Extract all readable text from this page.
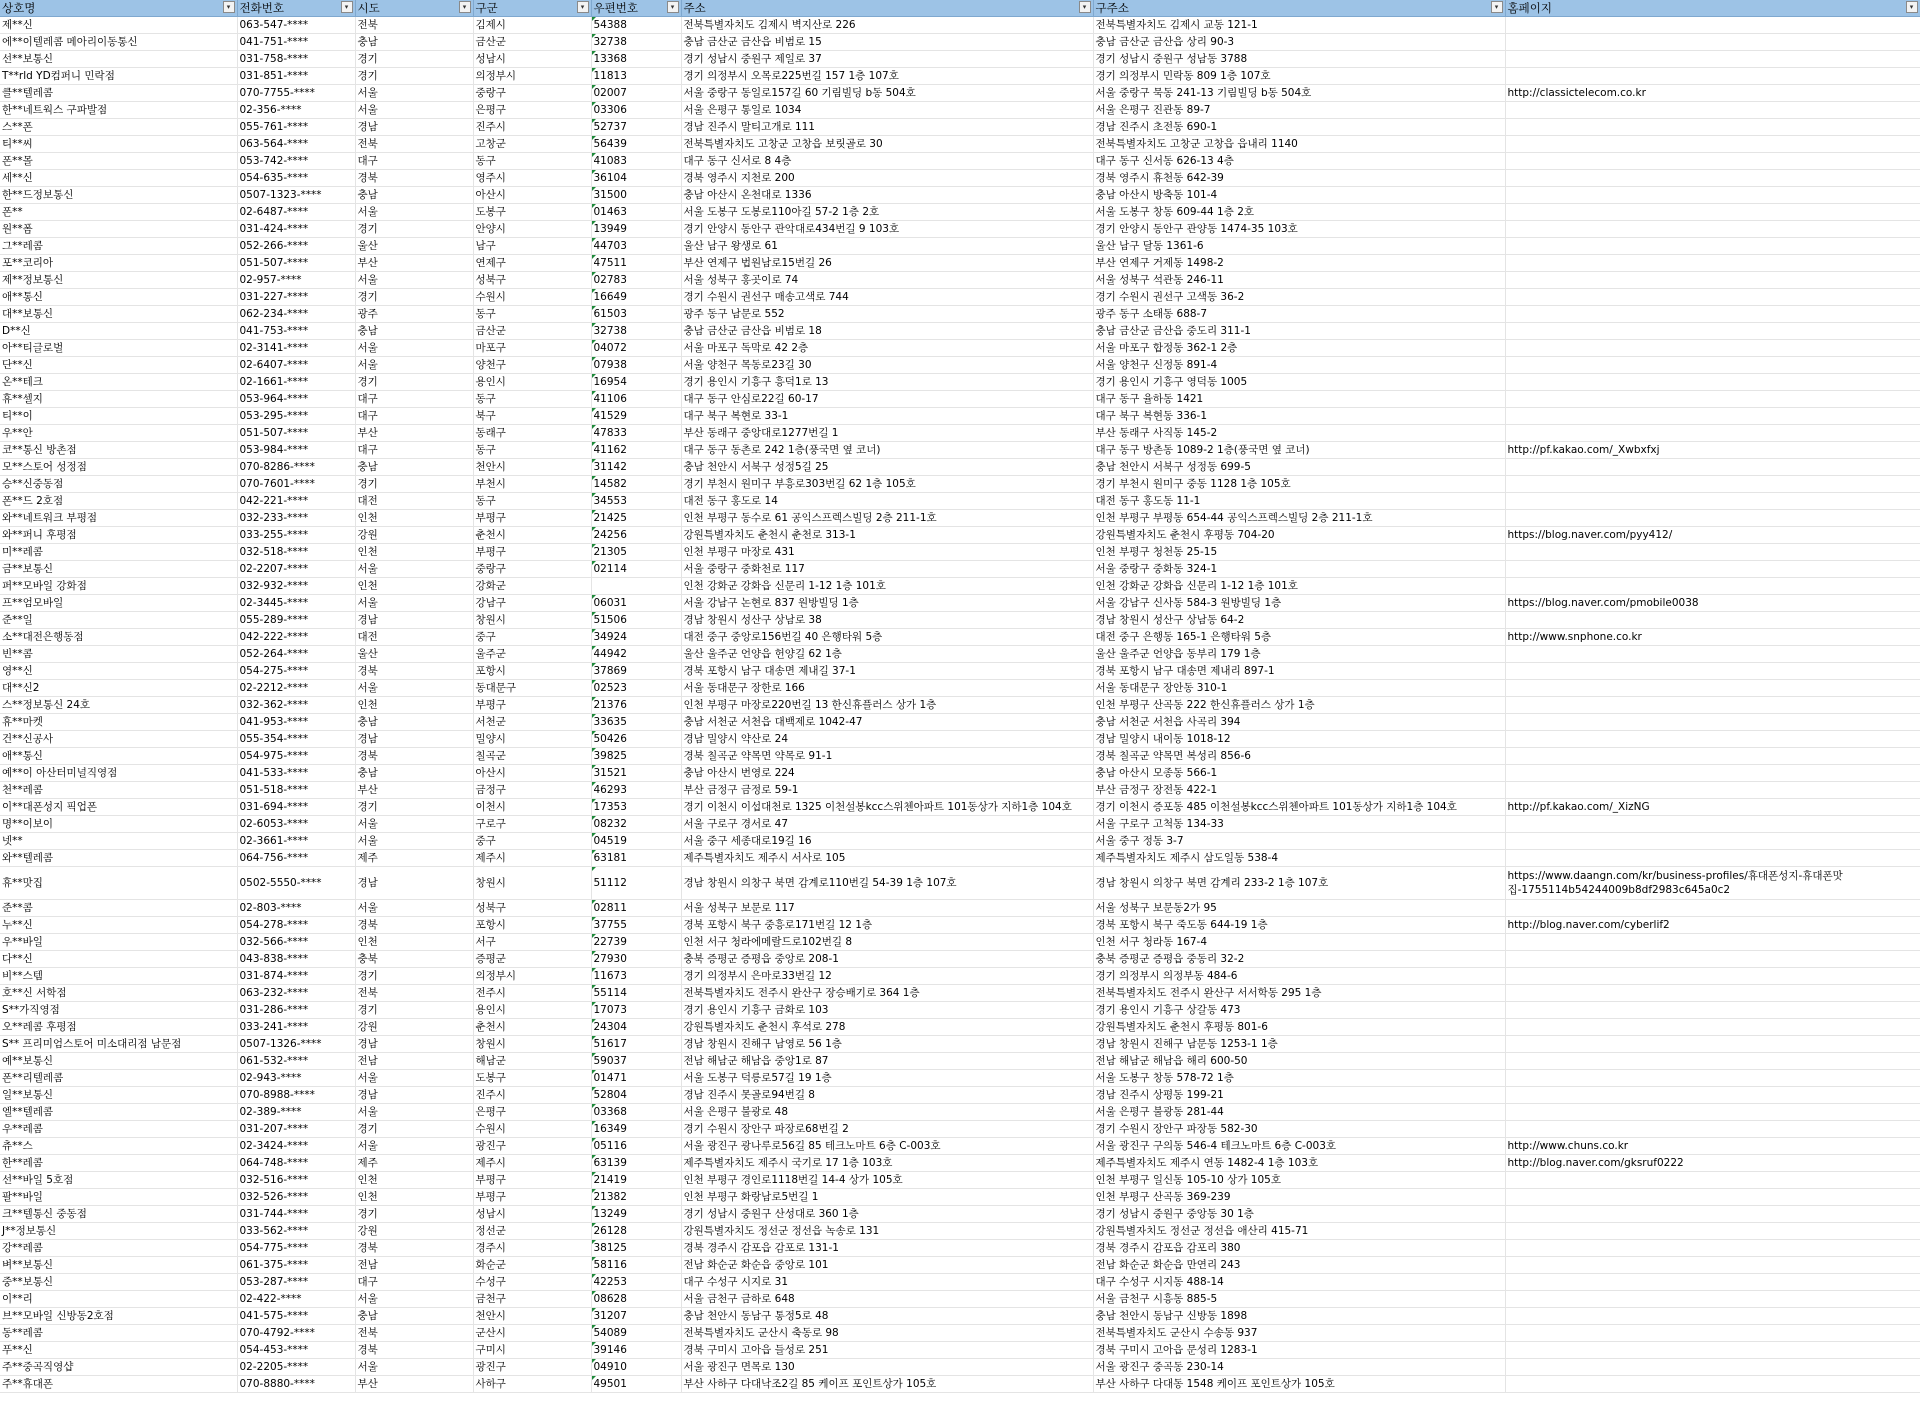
상호명 ▾	전화번호 ▾	시도 ▾	구군 ▾	우편번호 ▾	주소 ▾	구주소 ▾	홈페이지 ▾

제**신	063-547-****	전북	김제시	54388	전북특별자치도 김제시 벽지산로 226	전북특별자치도 김제시 교동 121-1	
에**이텔레콤 메아리이동통신	041-751-****	충남	금산군	32738	충남 금산군 금산읍 비범로 15	충남 금산군 금산읍 상리 90-3	
선**보통신	031-758-****	경기	성남시	13368	경기 성남시 중원구 제일로 37	경기 성남시 중원구 성남동 3788	
T**rld YD컴퍼니 민락점	031-851-****	경기	의정부시	11813	경기 의정부시 오목로225번길 157 1층 107호	경기 의정부시 민락동 809 1층 107호	
클**텔레콤	070-7755-****	서울	중랑구	02007	서울 중랑구 동일로157길 60 기림빌딩 b동 504호	서울 중랑구 묵동 241-13 기림빌딩 b동 504호	http://classictelecom.co.kr
한**네트웍스 구파발점	02-356-****	서울	은평구	03306	서울 은평구 통일로 1034	서울 은평구 진관동 89-7	
스**폰	055-761-****	경남	진주시	52737	경남 진주시 말티고개로 111	경남 진주시 초전동 690-1	
티**씨	063-564-****	전북	고창군	56439	전북특별자치도 고창군 고창읍 보릿골로 30	전북특별자치도 고창군 고창읍 읍내리 1140	
폰**몰	053-742-****	대구	동구	41083	대구 동구 신서로 8 4층	대구 동구 신서동 626-13 4층	
세**신	054-635-****	경북	영주시	36104	경북 영주시 지천로 200	경북 영주시 휴천동 642-39	
한**드정보통신	0507-1323-****	충남	아산시	31500	충남 아산시 온천대로 1336	충남 아산시 방축동 101-4	
폰**	02-6487-****	서울	도봉구	01463	서울 도봉구 도봉로110아길 57-2 1층 2호	서울 도봉구 창동 609-44 1층 2호	
원**폼	031-424-****	경기	안양시	13949	경기 안양시 동안구 관악대로434번길 9 103호	경기 안양시 동안구 관양동 1474-35 103호	
그**레콤	052-266-****	울산	남구	44703	울산 남구 왕생로 61	울산 남구 달동 1361-6	
포**코리아	051-507-****	부산	연제구	47511	부산 연제구 법원남로15번길 26	부산 연제구 거제동 1498-2	
제**정보통신	02-957-****	서울	성북구	02783	서울 성북구 홍곳이로 74	서울 성북구 석관동 246-11	
애**통신	031-227-****	경기	수원시	16649	경기 수원시 권선구 매송고색로 744	경기 수원시 권선구 고색동 36-2	
대**보통신	062-234-****	광주	동구	61503	광주 동구 남문로 552	광주 동구 소태동 688-7	
D**신	041-753-****	충남	금산군	32738	충남 금산군 금산읍 비범로 18	충남 금산군 금산읍 중도리 311-1	
아**티글로벌	02-3141-****	서울	마포구	04072	서울 마포구 독막로 42 2층	서울 마포구 합정동 362-1 2층	
단**신	02-6407-****	서울	양천구	07938	서울 양천구 목동로23길 30	서울 양천구 신정동 891-4	
온**테크	02-1661-****	경기	용인시	16954	경기 용인시 기흥구 흥덕1로 13	경기 용인시 기흥구 영덕동 1005	
휴**셀지	053-964-****	대구	동구	41106	대구 동구 안심로22길 60-17	대구 동구 율하동 1421	
티**이	053-295-****	대구	북구	41529	대구 북구 복현로 33-1	대구 북구 복현동 336-1	
우**안	051-507-****	부산	동래구	47833	부산 동래구 중앙대로1277번길 1	부산 동래구 사직동 145-2	
코**통신 방촌점	053-984-****	대구	동구	41162	대구 동구 동촌로 242 1층(풍국면 옆 코너)	대구 동구 방촌동 1089-2 1층(풍국면 옆 코너)	http://pf.kakao.com/_Xwbxfxj
모**스토어 성정점	070-8286-****	충남	천안시	31142	충남 천안시 서북구 성정5길 25	충남 천안시 서북구 성정동 699-5	
승**신중동점	070-7601-****	경기	부천시	14582	경기 부천시 원미구 부흥로303번길 62 1층 105호	경기 부천시 원미구 중동 1128 1층 105호	
폰**드 2호점	042-221-****	대전	동구	34553	대전 동구 홍도로 14	대전 동구 홍도동 11-1	
와**네트워크 부평점	032-233-****	인천	부평구	21425	인천 부평구 동수로 61 공익스프렉스빌딩 2층 211-1호	인천 부평구 부평동 654-44 공익스프렉스빌딩 2층 211-1호	
와**퍼니 후평점	033-255-****	강원	춘천시	24256	강원특별자치도 춘천시 춘천로 313-1	강원특별자치도 춘천시 후평동 704-20	https://blog.naver.com/pyy412/
미**레콤	032-518-****	인천	부평구	21305	인천 부평구 마장로 431	인천 부평구 청천동 25-15	
금**보통신	02-2207-****	서울	중랑구	02114	서울 중랑구 중화천로 117	서울 중랑구 중화동 324-1	
퍼**모바일 강화점	032-932-****	인천	강화군		인천 강화군 강화읍 신문리 1-12 1층 101호	인천 강화군 강화읍 신문리 1-12 1층 101호	
프**엄모바일	02-3445-****	서울	강남구	06031	서울 강남구 논현로 837 원방빌딩 1층	서울 강남구 신사동 584-3 원방빌딩 1층	https://blog.naver.com/pmobile0038
준**일	055-289-****	경남	창원시	51506	경남 창원시 성산구 상남로 38	경남 창원시 성산구 상남동 64-2	
소**대전은행동점	042-222-****	대전	중구	34924	대전 중구 중앙로156번길 40 은행타워 5층	대전 중구 은행동 165-1 은행타워 5층	http://www.snphone.co.kr
빈**콤	052-264-****	울산	울주군	44942	울산 울주군 언양읍 헌양길 62 1층	울산 울주군 언양읍 동부리 179 1층	
영**신	054-275-****	경북	포항시	37869	경북 포항시 남구 대송면 제내길 37-1	경북 포항시 남구 대송면 제내리 897-1	
대**신2	02-2212-****	서울	동대문구	02523	서울 동대문구 장한로 166	서울 동대문구 장안동 310-1	
스**정보통신 24호	032-362-****	인천	부평구	21376	인천 부평구 마장로220번길 13 한신휴플러스 상가 1층	인천 부평구 산곡동 222 한신휴플러스 상가 1층	
휴**마켓	041-953-****	충남	서천군	33635	충남 서천군 서천읍 대백제로 1042-47	충남 서천군 서천읍 사곡리 394	
건**신공사	055-354-****	경남	밀양시	50426	경남 밀양시 약산로 24	경남 밀양시 내이동 1018-12	
애**통신	054-975-****	경북	칠곡군	39825	경북 칠곡군 약목면 약목로 91-1	경북 칠곡군 약목면 복성리 856-6	
예**이 아산터미널직영점	041-533-****	충남	아산시	31521	충남 아산시 번영로 224	충남 아산시 모종동 566-1	
천**레콤	051-518-****	부산	금정구	46293	부산 금정구 금정로 59-1	부산 금정구 장전동 422-1	
이**대폰성지 픽업폰	031-694-****	경기	이천시	17353	경기 이천시 이섭대천로 1325 이천설봉kcc스위첸아파트 101동상가 지하1층 104호	경기 이천시 증포동 485 이천설봉kcc스위첸아파트 101동상가 지하1층 104호	http://pf.kakao.com/_XizNG
명**이보이	02-6053-****	서울	구로구	08232	서울 구로구 경서로 47	서울 구로구 고척동 134-33	
넷**	02-3661-****	서울	중구	04519	서울 중구 세종대로19길 16	서울 중구 정동 3-7	
와**텔레콤	064-756-****	제주	제주시	63181	제주특별자치도 제주시 서사로 105	제주특별자치도 제주시 삼도일동 538-4	
휴**맛집	0502-5550-****	경남	창원시	51112	경남 창원시 의창구 북면 감계로110번길 54-39 1층 107호	경남 창원시 의창구 북면 감계리 233-2 1층 107호	https://www.daangn.com/kr/business-profiles/휴대폰성지-휴대폰맛집-1755114b54244009b8df2983c645a0c2
준**콤	02-803-****	서울	성북구	02811	서울 성북구 보문로 117	서울 성북구 보문동2가 95	
누**신	054-278-****	경북	포항시	37755	경북 포항시 북구 중흥로171번길 12 1층	경북 포항시 북구 죽도동 644-19 1층	http://blog.naver.com/cyberlif2
우**바일	032-566-****	인천	서구	22739	인천 서구 청라에메랄드로102번길 8	인천 서구 청라동 167-4	
다**신	043-838-****	충북	증평군	27930	충북 증평군 증평읍 중앙로 208-1	충북 증평군 증평읍 중동리 32-2	
비**스템	031-874-****	경기	의정부시	11673	경기 의정부시 은마로33번길 12	경기 의정부시 의정부동 484-6	
호**신 서학점	063-232-****	전북	전주시	55114	전북특별자치도 전주시 완산구 장승배기로 364 1층	전북특별자치도 전주시 완산구 서서학동 295 1층	
S**가직영점	031-286-****	경기	용인시	17073	경기 용인시 기흥구 금화로 103	경기 용인시 기흥구 상갈동 473	
오**레콤 후평점	033-241-****	강원	춘천시	24304	강원특별자치도 춘천시 후석로 278	강원특별자치도 춘천시 후평동 801-6	
S** 프리미엄스토어 미소대리점 남문점	0507-1326-****	경남	창원시	51617	경남 창원시 진해구 남영로 56 1층	경남 창원시 진해구 남문동 1253-1 1층	
예**보통신	061-532-****	전남	해남군	59037	전남 해남군 해남읍 중앙1로 87	전남 해남군 해남읍 해리 600-50	
폰**리텔레콤	02-943-****	서울	도봉구	01471	서울 도봉구 덕릉로57길 19 1층	서울 도봉구 창동 578-72 1층	
일**보통신	070-8988-****	경남	진주시	52804	경남 진주시 못골로94번길 8	경남 진주시 상평동 199-21	
엘**텔레콤	02-389-****	서울	은평구	03368	서울 은평구 불광로 48	서울 은평구 불광동 281-44	
우**레콤	031-207-****	경기	수원시	16349	경기 수원시 장안구 파장로68번길 2	경기 수원시 장안구 파장동 582-30	
츄**스	02-3424-****	서울	광진구	05116	서울 광진구 광나루로56길 85 테크노마트 6층 C-003호	서울 광진구 구의동 546-4 테크노마트 6층 C-003호	http://www.chuns.co.kr
한**레콤	064-748-****	제주	제주시	63139	제주특별자치도 제주시 국기로 17 1층 103호	제주특별자치도 제주시 연동 1482-4 1층 103호	http://blog.naver.com/gksruf0222
선**바일 5호점	032-516-****	인천	부평구	21419	인천 부평구 경인로1118번길 14-4 상가 105호	인천 부평구 일신동 105-10 상가 105호	
팔**바일	032-526-****	인천	부평구	21382	인천 부평구 화랑남로5번길 1	인천 부평구 산곡동 369-239	
크**텔통신 중동점	031-744-****	경기	성남시	13249	경기 성남시 중원구 산성대로 360 1층	경기 성남시 중원구 중앙동 30 1층	
J**정보통신	033-562-****	강원	정선군	26128	강원특별자치도 정선군 정선읍 녹송로 131	강원특별자치도 정선군 정선읍 애산리 415-71	
강**레콤	054-775-****	경북	경주시	38125	경북 경주시 감포읍 감포로 131-1	경북 경주시 감포읍 감포리 380	
벼**보통신	061-375-****	전남	화순군	58116	전남 화순군 화순읍 중앙로 101	전남 화순군 화순읍 만연리 243	
중**보통신	053-287-****	대구	수성구	42253	대구 수성구 시지로 31	대구 수성구 시지동 488-14	
이**리	02-422-****	서울	금천구	08628	서울 금천구 금하로 648	서울 금천구 시흥동 885-5	
브**모바일 신방동2호점	041-575-****	충남	천안시	31207	충남 천안시 동남구 통정5로 48	충남 천안시 동남구 신방동 1898	
동**레콤	070-4792-****	전북	군산시	54089	전북특별자치도 군산시 축동로 98	전북특별자치도 군산시 수송동 937	
푸**신	054-453-****	경북	구미시	39146	경북 구미시 고아읍 들성로 251	경북 구미시 고아읍 문성리 1283-1	
주**중곡직영샵	02-2205-****	서울	광진구	04910	서울 광진구 면목로 130	서울 광진구 중곡동 230-14	
주**휴대폰	070-8880-****	부산	사하구	49501	부산 사하구 다대낙조2길 85 케이프 포인트상가 105호	부산 사하구 다대동 1548 케이프 포인트상가 105호	
